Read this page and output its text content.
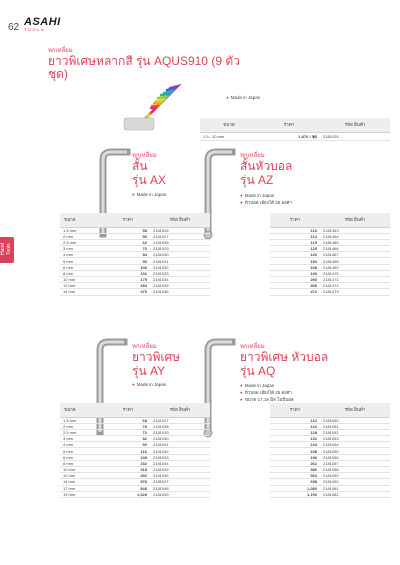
62 ASAHI
TOOLS
Hand Tools
หกเหลี่ยม
ยาวพิเศษหลากสี รุ่น AQUS910 (9 ตัวชุด)
● Made in Japan
ขนาด	ราคา	รหัส สินค้า
1.5 - 10 mm	1,870 / ชุด	2181025
หกเหลี่ยม
สั้น
รุ่น AX
● Made in Japan
หกเหลี่ยม
สั้นหัวบอล
รุ่น AZ
● Made in Japan
● หัวบอล เอียงได้ 25 องศา
ขนาด	ราคา	รหัส สินค้า
1.5 mm	58	2181026
2 mm	56	2181027
2.5 mm	62	2181028
3 mm	70	2181029
4 mm	84	2181030
5 mm	90	2181031
6 mm	106	2181032
8 mm	132	2181033
10 mm	175	2181034
12 mm	284	2181035
14 mm	470	2181036
ราคา	รหัส สินค้า
116	2181463
114	2181464
115	2181465
125	2181466
140	2181467
154	2181468
168	2181469
190	2181470
250	2181471
406	2181472
472	2181473
หกเหลี่ยม
ยาวพิเศษ
รุ่น AY
● Made in Japan
หกเหลี่ยม
ยาวพิเศษ หัวบอล
รุ่น AQ
● Made in Japan
● หัวบอล เอียงได้ 25 องศา
● ขนาด 17,19 มิล ไม่มีบอล
ขนาด	ราคา	รหัส สินค้า
1.5 mm	68	2181037
2 mm	70	2181038
2.5 mm	72	2181039
3 mm	82	2181040
4 mm	90	2181041
5 mm	116	2181042
6 mm	138	2181043
8 mm	232	2181044
10 mm	318	2181045
12 mm	492	2181046
14 mm	578	2181047
17 mm	848	2181048
19 mm	1,028	2181049
ราคา	รหัส สินค้า
122	2181050
122	2181051
128	2181052
132	2181053
144	2181054
158	2181055
196	2181056
262	2181057
386	2181058
564	2181059
698	2181060
1,080	2181061
1,190	2181062
